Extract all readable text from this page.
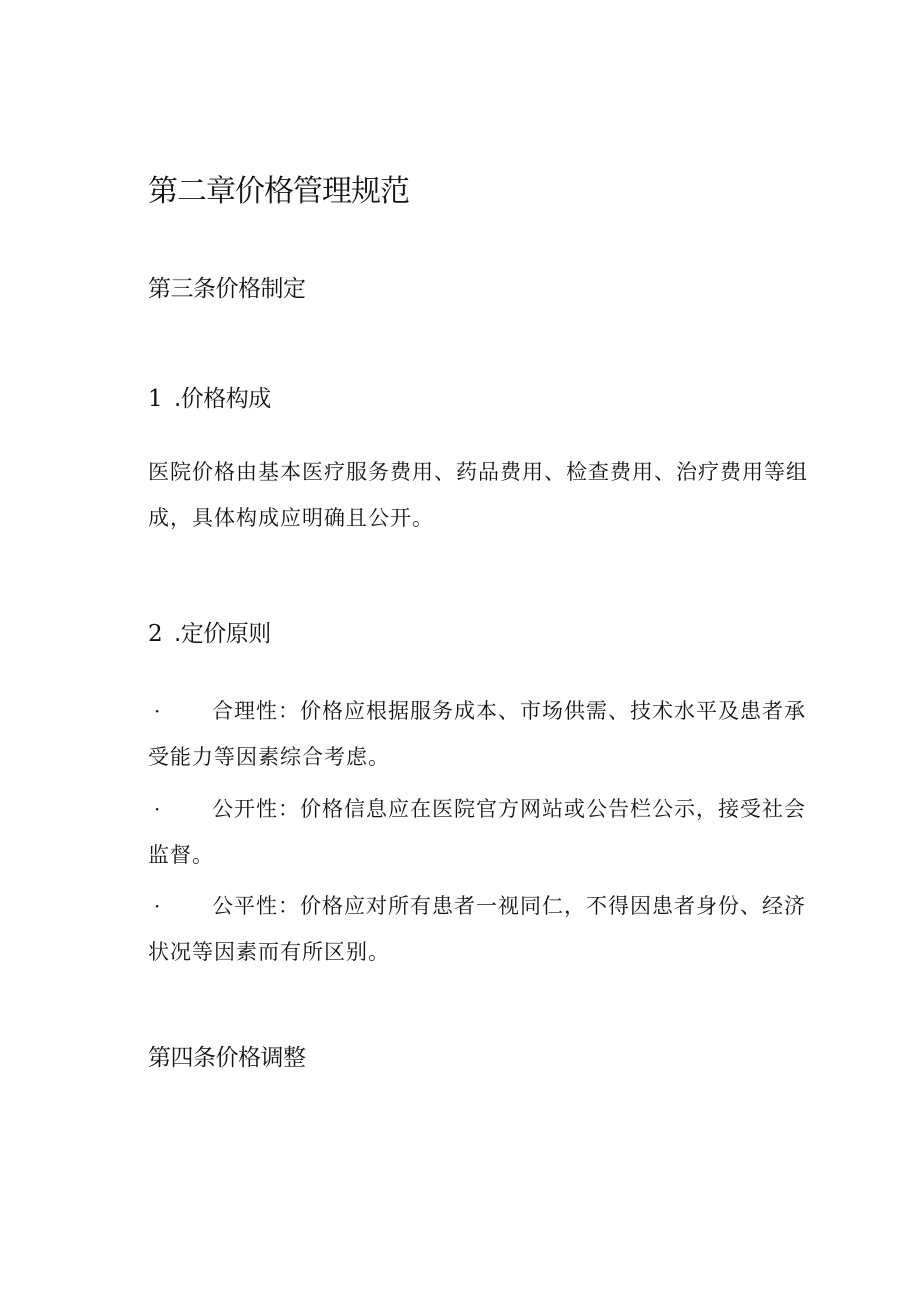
第二章价格管理规范
第三条价格制定
1 .价格构成
医院价格由基本医疗服务费用、药品费用、检查费用、治疗费用等组成，具体构成应明确且公开。
2 .定价原则
·	合理性：价格应根据服务成本、市场供需、技术水平及患者承受能力等因素综合考虑。
·	公开性：价格信息应在医院官方网站或公告栏公示，接受社会监督。
·	公平性：价格应对所有患者一视同仁，不得因患者身份、经济状况等因素而有所区别。
第四条价格调整
